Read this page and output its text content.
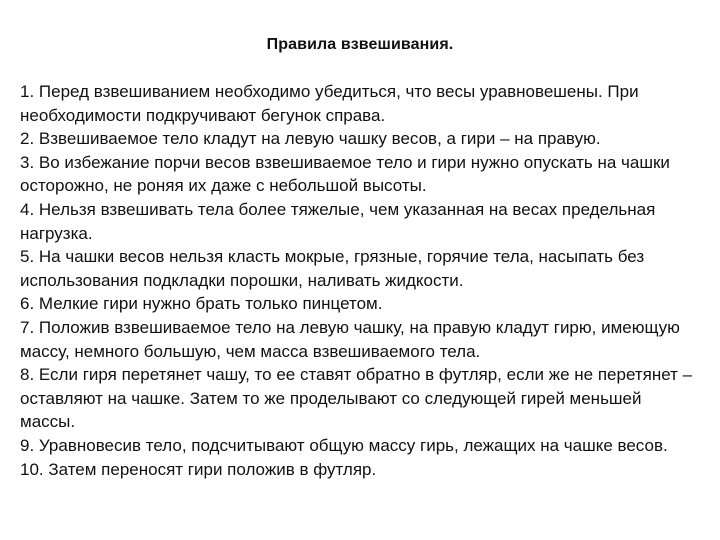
Правила взвешивания.
1. Перед взвешиванием необходимо убедиться, что весы уравновешены. При необходимости подкручивают бегунок справа.
2. Взвешиваемое тело кладут на левую чашку весов, а гири – на правую.
3. Во избежание порчи весов взвешиваемое тело и гири нужно опускать на чашки осторожно, не роняя их даже с небольшой высоты.
4. Нельзя взвешивать тела более тяжелые, чем указанная на весах предельная нагрузка.
5. На чашки весов нельзя класть мокрые, грязные, горячие тела, насыпать без использования подкладки порошки, наливать жидкости.
6. Мелкие гири нужно брать только пинцетом.
7. Положив взвешиваемое тело на левую чашку, на правую кладут гирю, имеющую массу, немного большую, чем масса взвешиваемого тела.
8. Если гиря перетянет чашу, то ее ставят обратно в футляр, если же не перетянет – оставляют на чашке. Затем то же проделывают со следующей гирей меньшей массы.
9. Уравновесив тело, подсчитывают общую массу гирь, лежащих на чашке весов.
10. Затем переносят гири положив в футляр.
